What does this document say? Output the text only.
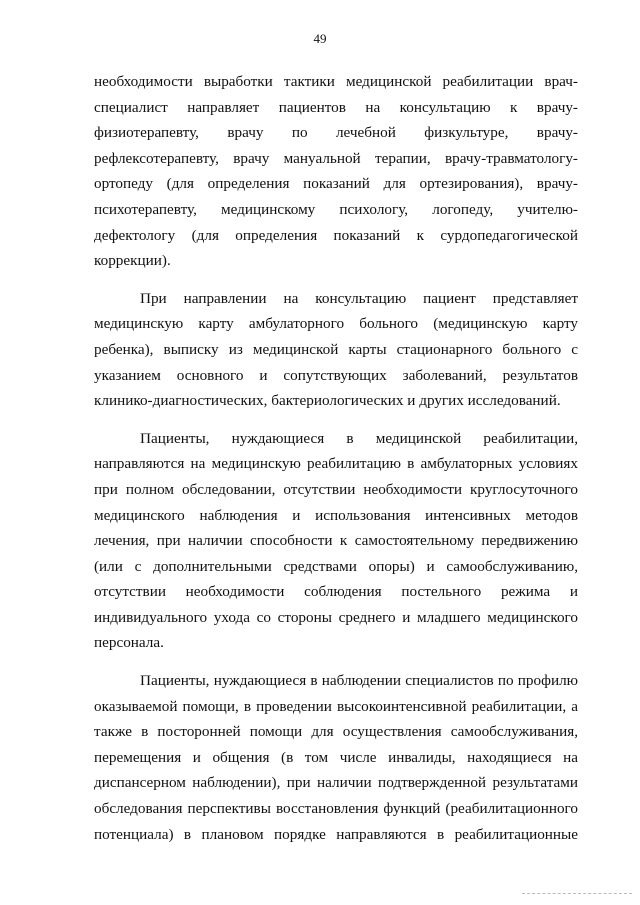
49

необходимости выработки тактики медицинской реабилитации врач-
специалист направляет пациентов на консультацию к врачу-
физиотерапевту, врачу по лечебной физкультуре, врачу-
рефлексотерапевту, врачу мануальной терапии, врачу-травматологу-
ортопеду (для определения показаний для ортезирования), врачу-
психотерапевту, медицинскому психологу, логопеду, учителю-
дефектологу (для определения показаний к сурдопедагогической
коррекции).

При направлении на консультацию пациент представляет
медицинскую карту амбулаторного больного (медицинскую карту
ребенка), выписку из медицинской карты стационарного больного с
указанием основного и сопутствующих заболеваний, результатов
клинико-диагностических, бактериологических и других исследований.

Пациенты, нуждающиеся в медицинской реабилитации,
направляются на медицинскую реабилитацию в амбулаторных условиях
при полном обследовании, отсутствии необходимости круглосуточного
медицинского наблюдения и использования интенсивных методов
лечения, при наличии способности к самостоятельному передвижению
(или с дополнительными средствами опоры) и самообслуживанию,
отсутствии необходимости соблюдения постельного режима и
индивидуального ухода со стороны среднего и младшего медицинского
персонала.

Пациенты, нуждающиеся в наблюдении специалистов по профилю
оказываемой помощи, в проведении высокоинтенсивной реабилитации, а
также в посторонней помощи для осуществления самообслуживания,
перемещения и общения (в том числе инвалиды, находящиеся на
диспансерном наблюдении), при наличии подтвержденной результатами
обследования перспективы восстановления функций (реабилитационного
потенциала) в плановом порядке направляются в реабилитационные
